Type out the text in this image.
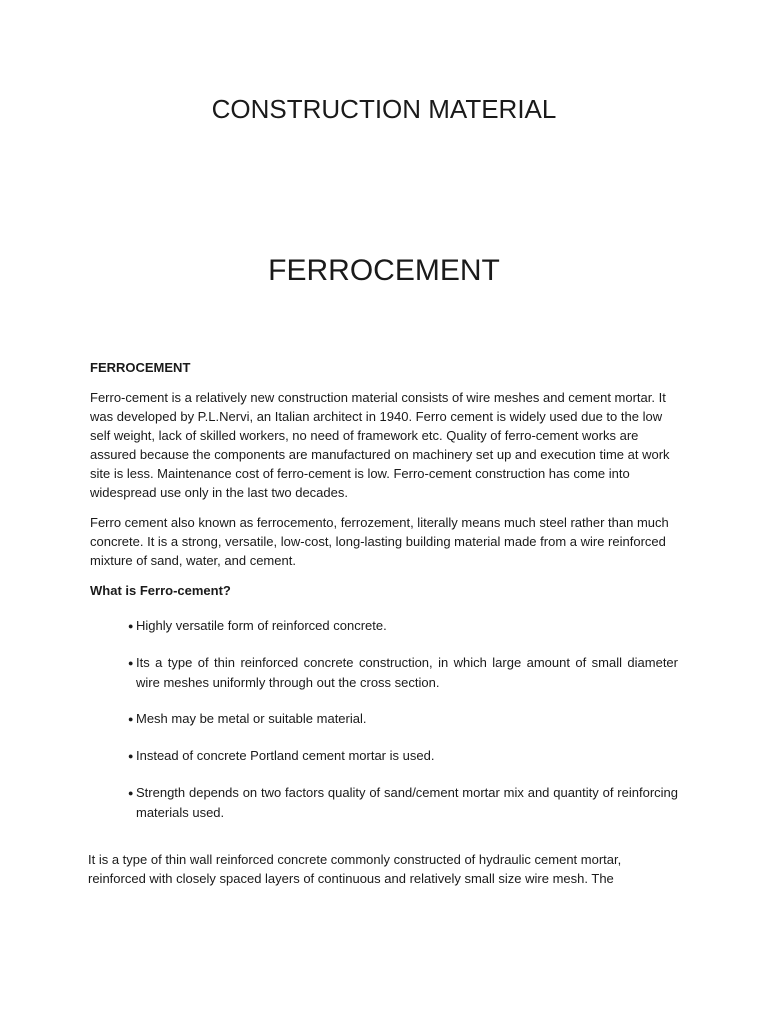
CONSTRUCTION MATERIAL
FERROCEMENT
FERROCEMENT

Ferro-cement is a relatively new construction material consists of wire meshes and cement mortar. It was developed by P.L.Nervi, an Italian architect in 1940. Ferro cement is widely used due to the low self weight, lack of skilled workers, no need of framework etc. Quality of ferro-cement works are assured because the components are manufactured on machinery set up and execution time at work site is less. Maintenance cost of ferro-cement is low. Ferro-cement construction has come into widespread use only in the last two decades.

Ferro cement also known as ferrocemento, ferrozement, literally means much steel rather than much concrete. It is a strong, versatile, low-cost, long-lasting building material made from a wire reinforced mixture of sand, water, and cement.

What is Ferro-cement?
● Highly versatile form of reinforced concrete.
● Its a type of thin reinforced concrete construction, in which large amount of small diameter wire meshes uniformly through out the cross section.
● Mesh may be metal or suitable material.
● Instead of concrete Portland cement mortar is used.
● Strength depends on two factors quality of sand/cement mortar mix and quantity of reinforcing materials used.

It is a type of thin wall reinforced concrete commonly constructed of hydraulic cement mortar, reinforced with closely spaced layers of continuous and relatively small size wire mesh. The
